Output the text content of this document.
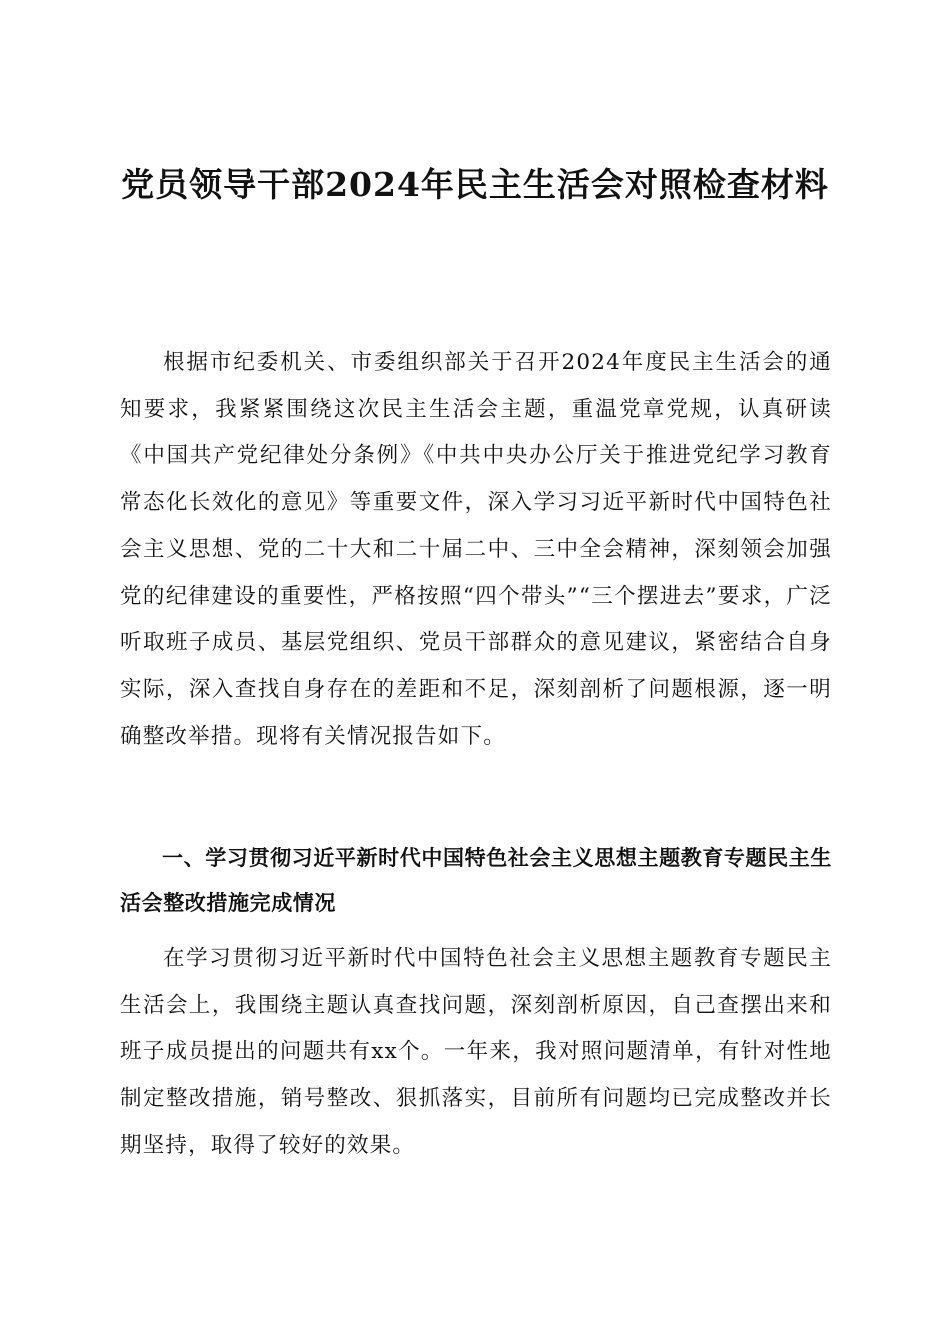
党员领导干部2024年民主生活会对照检查材料

根据市纪委机关、市委组织部关于召开2024年度民主生活会的通知要求，我紧紧围绕这次民主生活会主题，重温党章党规，认真研读《中国共产党纪律处分条例》《中共中央办公厅关于推进党纪学习教育常态化长效化的意见》等重要文件，深入学习习近平新时代中国特色社会主义思想、党的二十大和二十届二中、三中全会精神，深刻领会加强党的纪律建设的重要性，严格按照“四个带头”“三个摆进去”要求，广泛听取班子成员、基层党组织、党员干部群众的意见建议，紧密结合自身实际，深入查找自身存在的差距和不足，深刻剖析了问题根源，逐一明确整改举措。现将有关情况报告如下。

一、学习贯彻习近平新时代中国特色社会主义思想主题教育专题民主生活会整改措施完成情况

在学习贯彻习近平新时代中国特色社会主义思想主题教育专题民主生活会上，我围绕主题认真查找问题，深刻剖析原因，自己查摆出来和班子成员提出的问题共有xx个。一年来，我对照问题清单，有针对性地制定整改措施，销号整改、狠抓落实，目前所有问题均已完成整改并长期坚持，取得了较好的效果。
